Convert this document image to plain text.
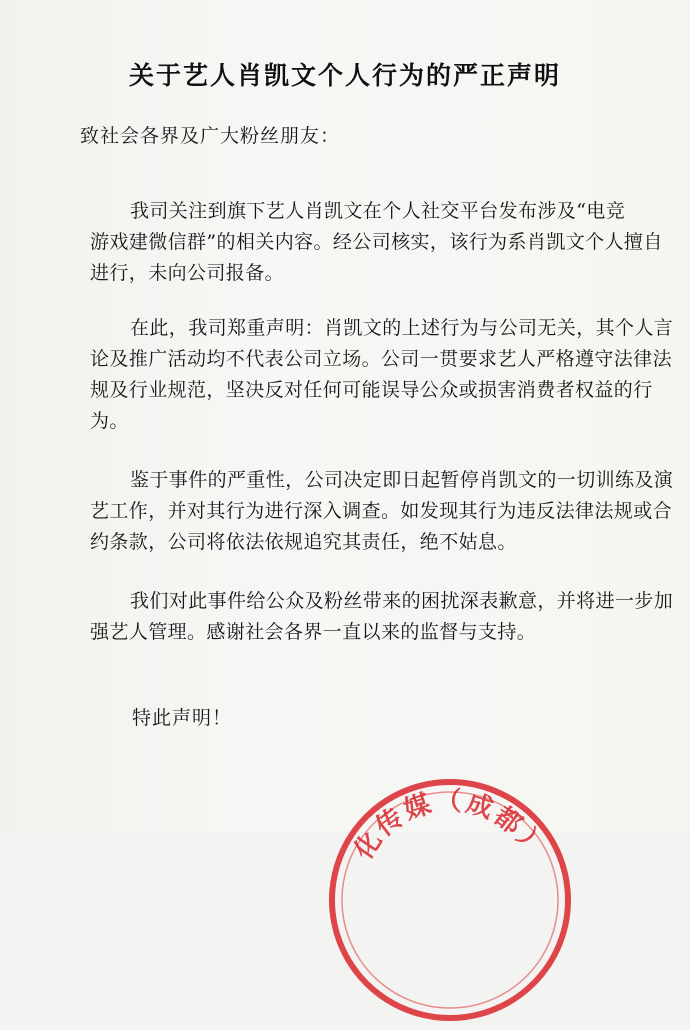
关于艺人肖凯文个人行为的严正声明
致社会各界及广大粉丝朋友：
我司关注到旗下艺人肖凯文在个人社交平台发布涉及“电竞
游戏建微信群”的相关内容。经公司核实，该行为系肖凯文个人擅自
进行，未向公司报备。
在此，我司郑重声明：肖凯文的上述行为与公司无关，其个人言
论及推广活动均不代表公司立场。公司一贯要求艺人严格遵守法律法
规及行业规范，坚决反对任何可能误导公众或损害消费者权益的行
为。
鉴于事件的严重性，公司决定即日起暂停肖凯文的一切训练及演
艺工作，并对其行为进行深入调查。如发现其行为违反法律法规或合
约条款，公司将依法依规追究其责任，绝不姑息。
我们对此事件给公众及粉丝带来的困扰深表歉意，并将进一步加
强艺人管理。感谢社会各界一直以来的监督与支持。
特此声明！
化传媒（成都）
